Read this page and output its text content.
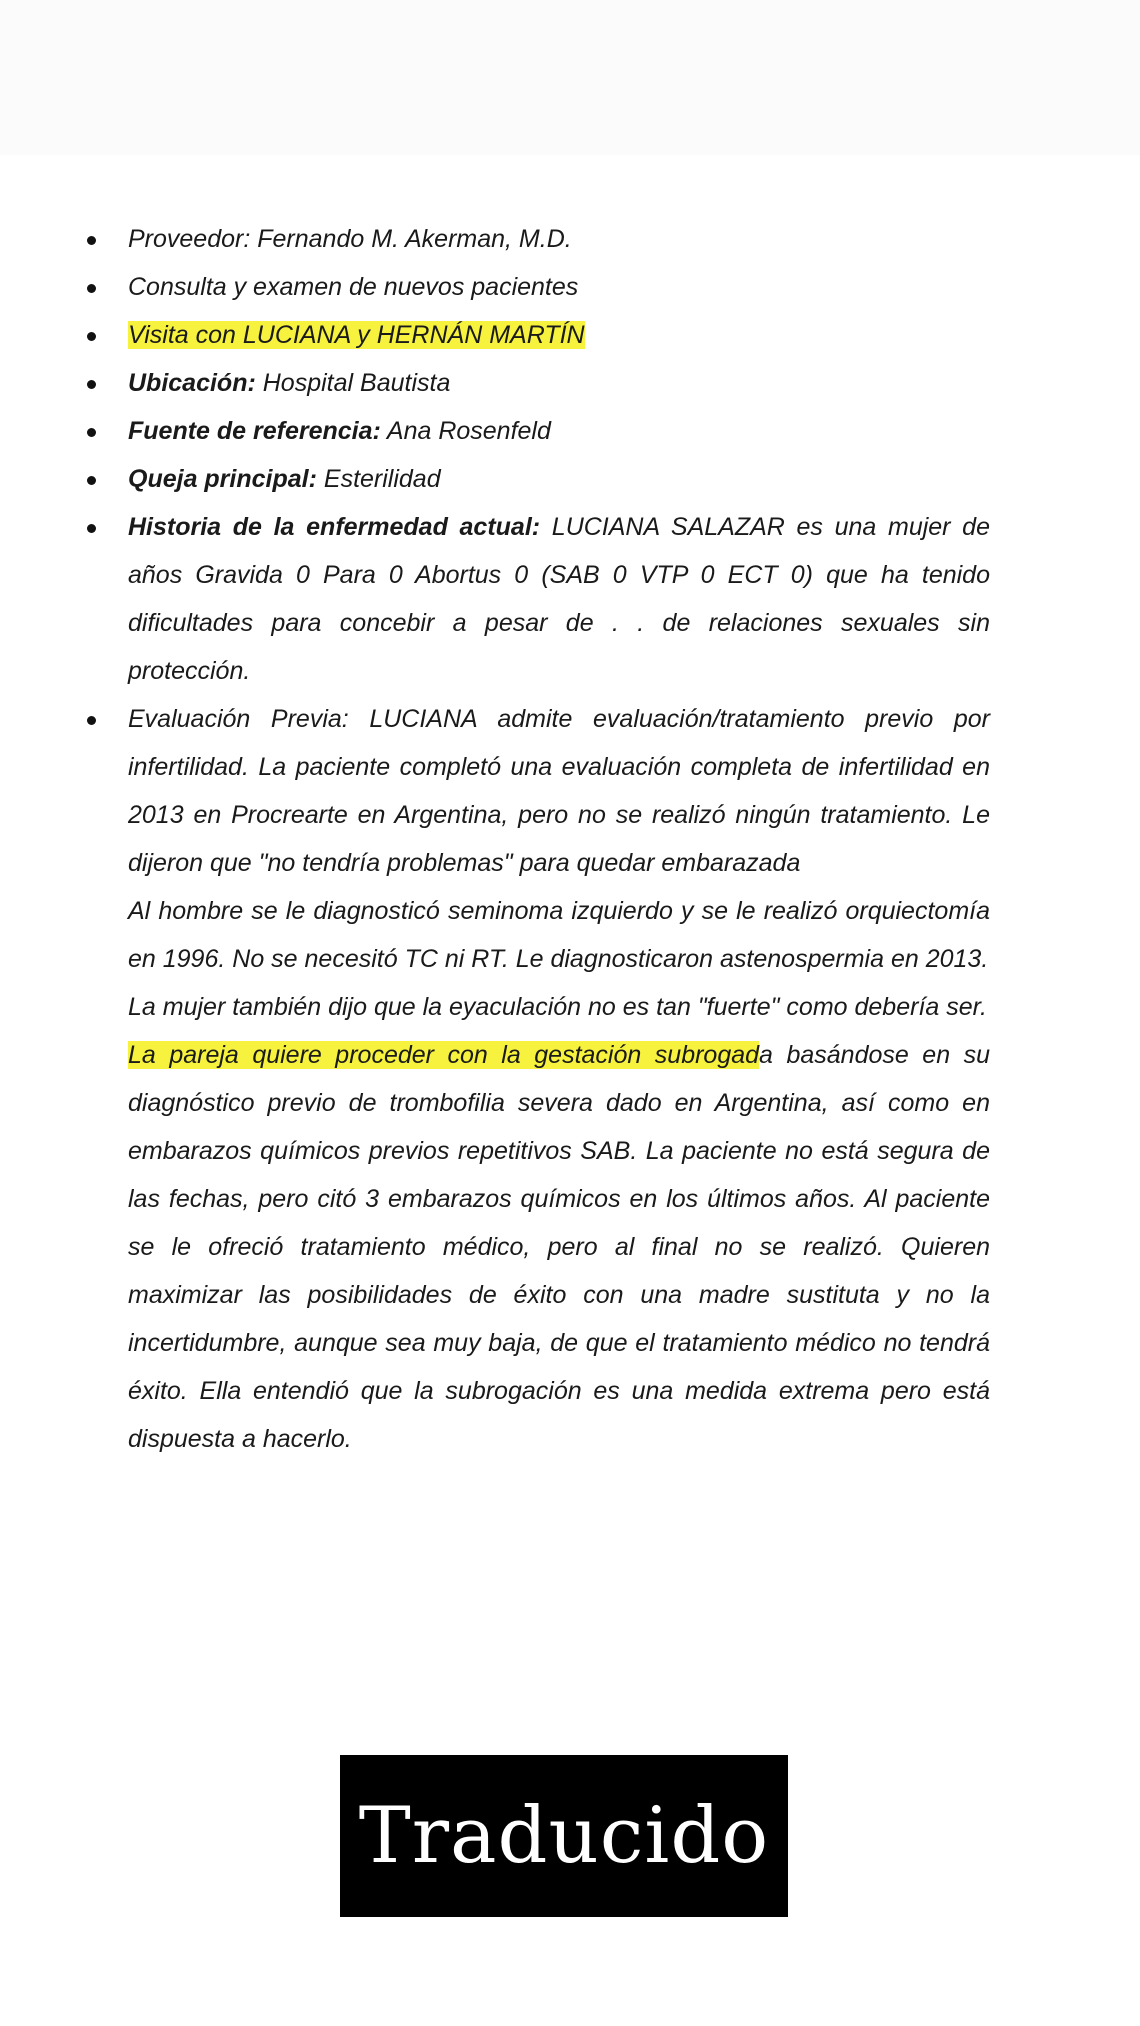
Proveedor: Fernando M. Akerman, M.D.
Consulta y examen de nuevos pacientes
Visita con LUCIANA y HERNÁN MARTÍN
Ubicación: Hospital Bautista
Fuente de referencia: Ana Rosenfeld
Queja principal: Esterilidad
Historia de la enfermedad actual: LUCIANA SALAZAR es una mujer de años Gravida 0 Para 0 Abortus 0 (SAB 0 VTP 0 ECT 0) que ha tenido dificultades para concebir a pesar de . . de relaciones sexuales sin protección.
Evaluación Previa: LUCIANA admite evaluación/tratamiento previo por infertilidad. La paciente completó una evaluación completa de infertilidad en 2013 en Procrearte en Argentina, pero no se realizó ningún tratamiento. Le dijeron que "no tendría problemas" para quedar embarazada
Al hombre se le diagnosticó seminoma izquierdo y se le realizó orquiectomía en 1996. No se necesitó TC ni RT. Le diagnosticaron astenospermia en 2013.
La mujer también dijo que la eyaculación no es tan "fuerte" como debería ser.
La pareja quiere proceder con la gestación subrogada basándose en su diagnóstico previo de trombofilia severa dado en Argentina, así como en embarazos químicos previos repetitivos SAB. La paciente no está segura de las fechas, pero citó 3 embarazos químicos en los últimos años. Al paciente se le ofreció tratamiento médico, pero al final no se realizó. Quieren maximizar las posibilidades de éxito con una madre sustituta y no la incertidumbre, aunque sea muy baja, de que el tratamiento médico no tendrá éxito. Ella entendió que la subrogación es una medida extrema pero está dispuesta a hacerlo.
Traducido
